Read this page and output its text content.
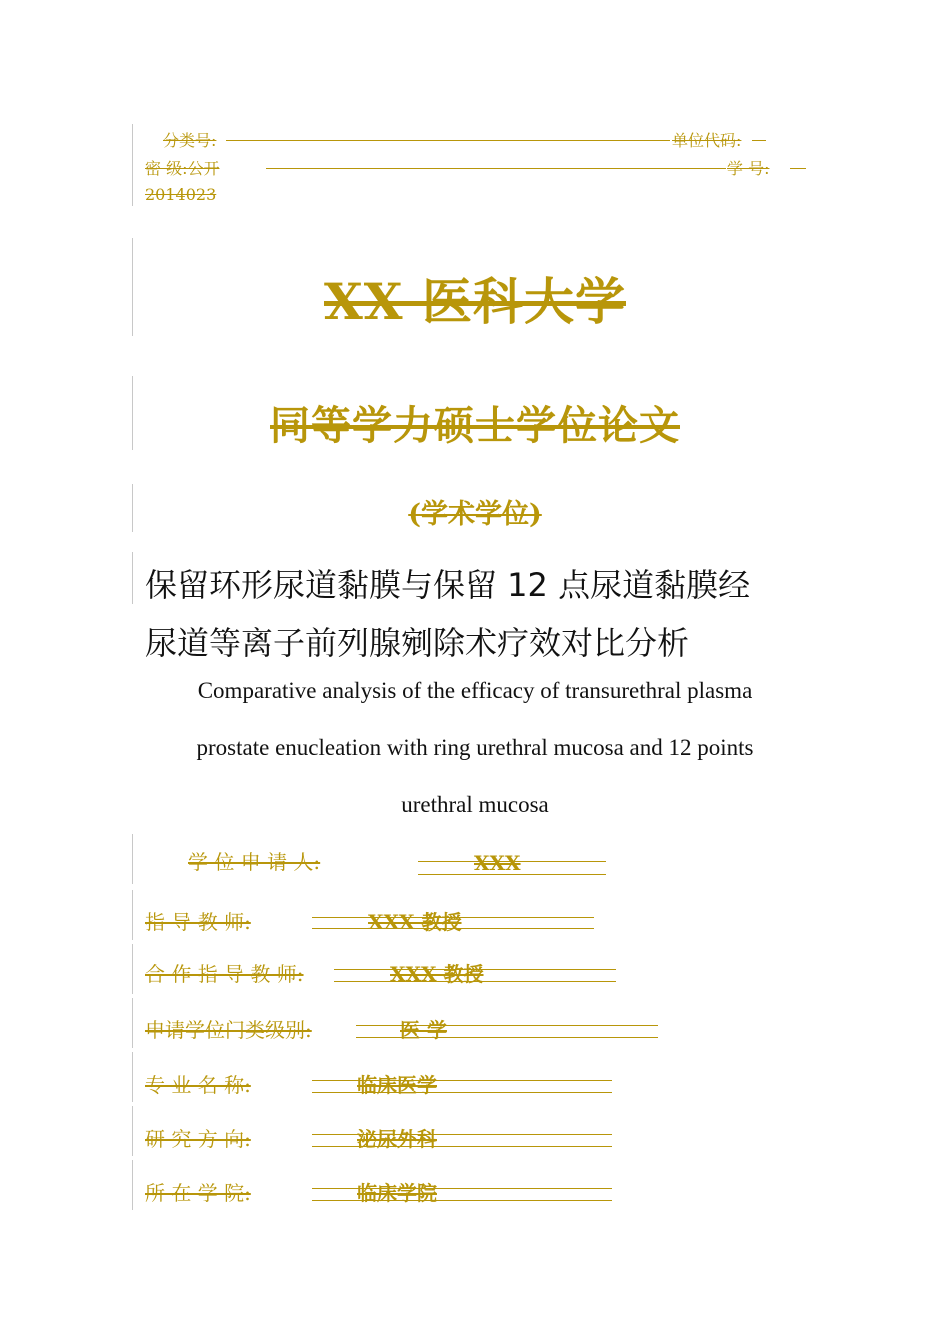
分类号:	单位代码:
密 级:公开	学 号:
2014023
XX 医科大学
同等学力硕士学位论文
(学术学位)
保留环形尿道黏膜与保留 12 点尿道黏膜经
尿道等离子前列腺剜除术疗效对比分析
Comparative analysis of the efficacy of transurethral plasma
prostate enucleation with ring urethral mucosa and 12 points
urethral mucosa
学 位 申 请 人:	XXX
指 导 教 师:	XXX 教授
合 作 指 导 教 师:	XXX 教授
申请学位门类级别:	医 学
专 业 名 称:	临床医学
研 究 方 向:	泌尿外科
所 在 学 院:	临床学院
